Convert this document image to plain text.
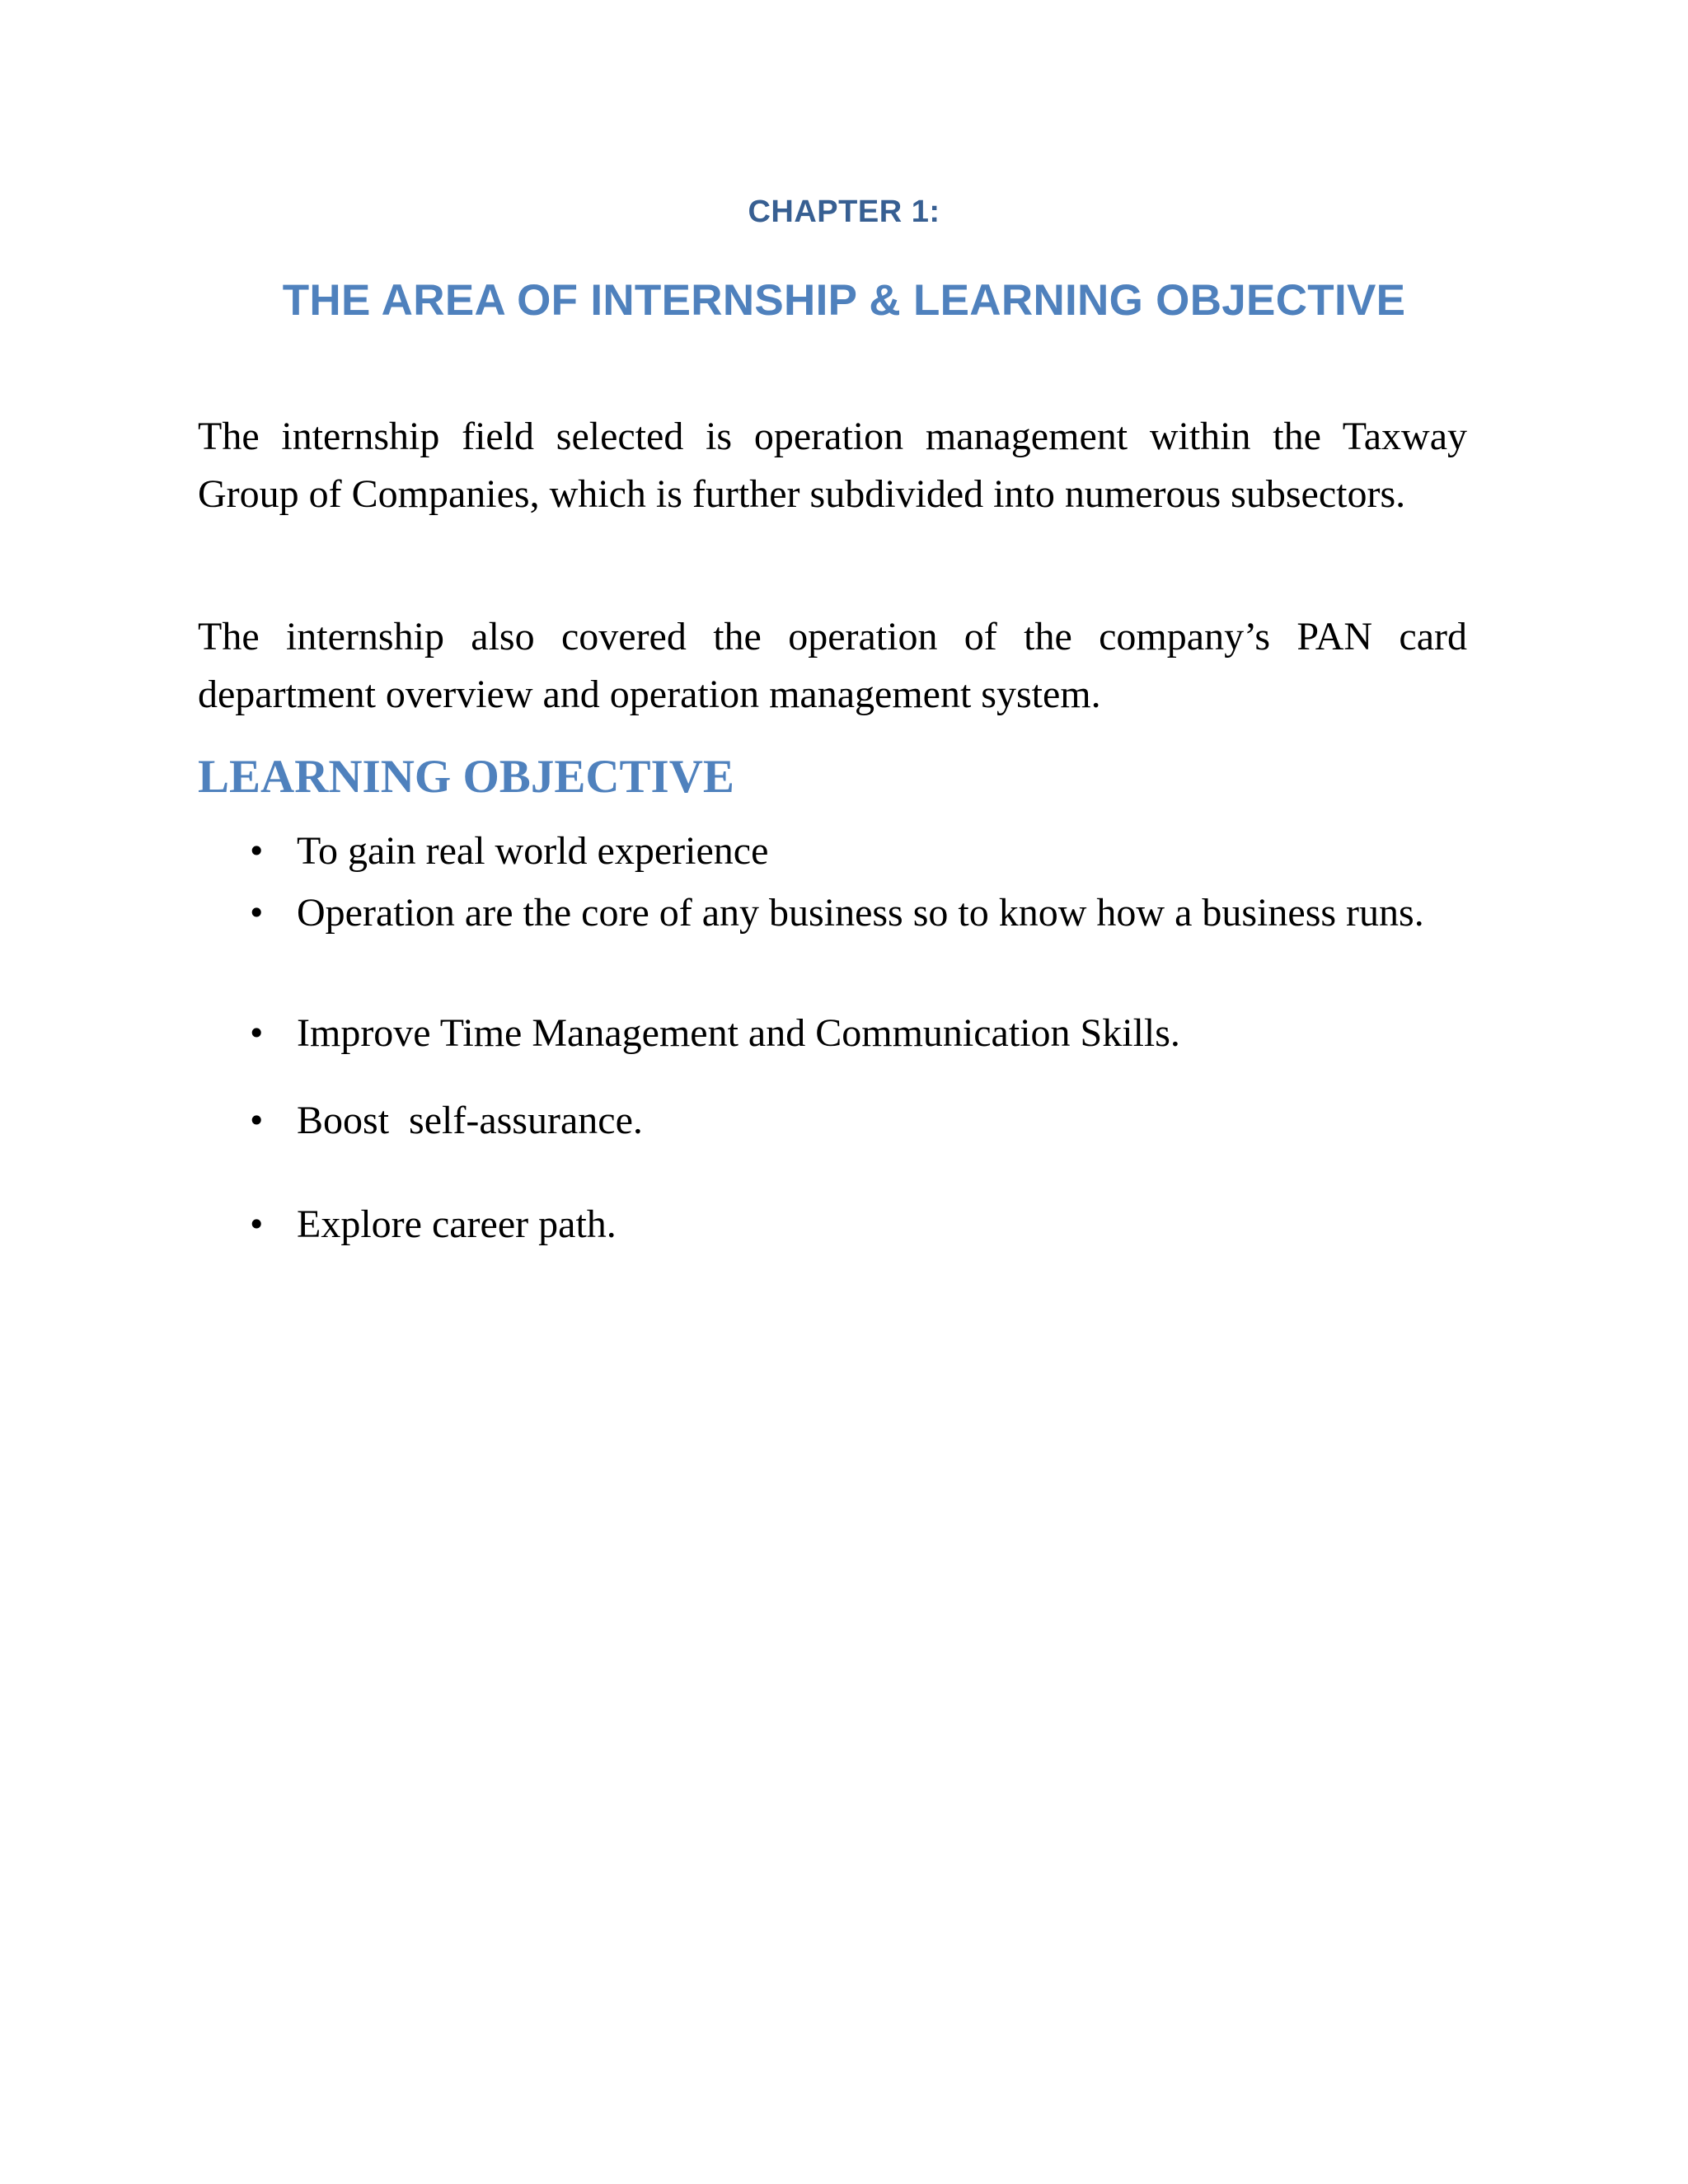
CHAPTER 1:
THE AREA OF INTERNSHIP & LEARNING OBJECTIVE

The internship field selected is operation management within the Taxway Group of Companies, which is further subdivided into numerous subsectors.

The internship also covered the operation of the company’s PAN card department overview and operation management system.

LEARNING OBJECTIVE
• To gain real world experience
• Operation are the core of any business so to know how a business runs.
• Improve Time Management and Communication Skills.
• Boost  self-assurance.
• Explore career path.
